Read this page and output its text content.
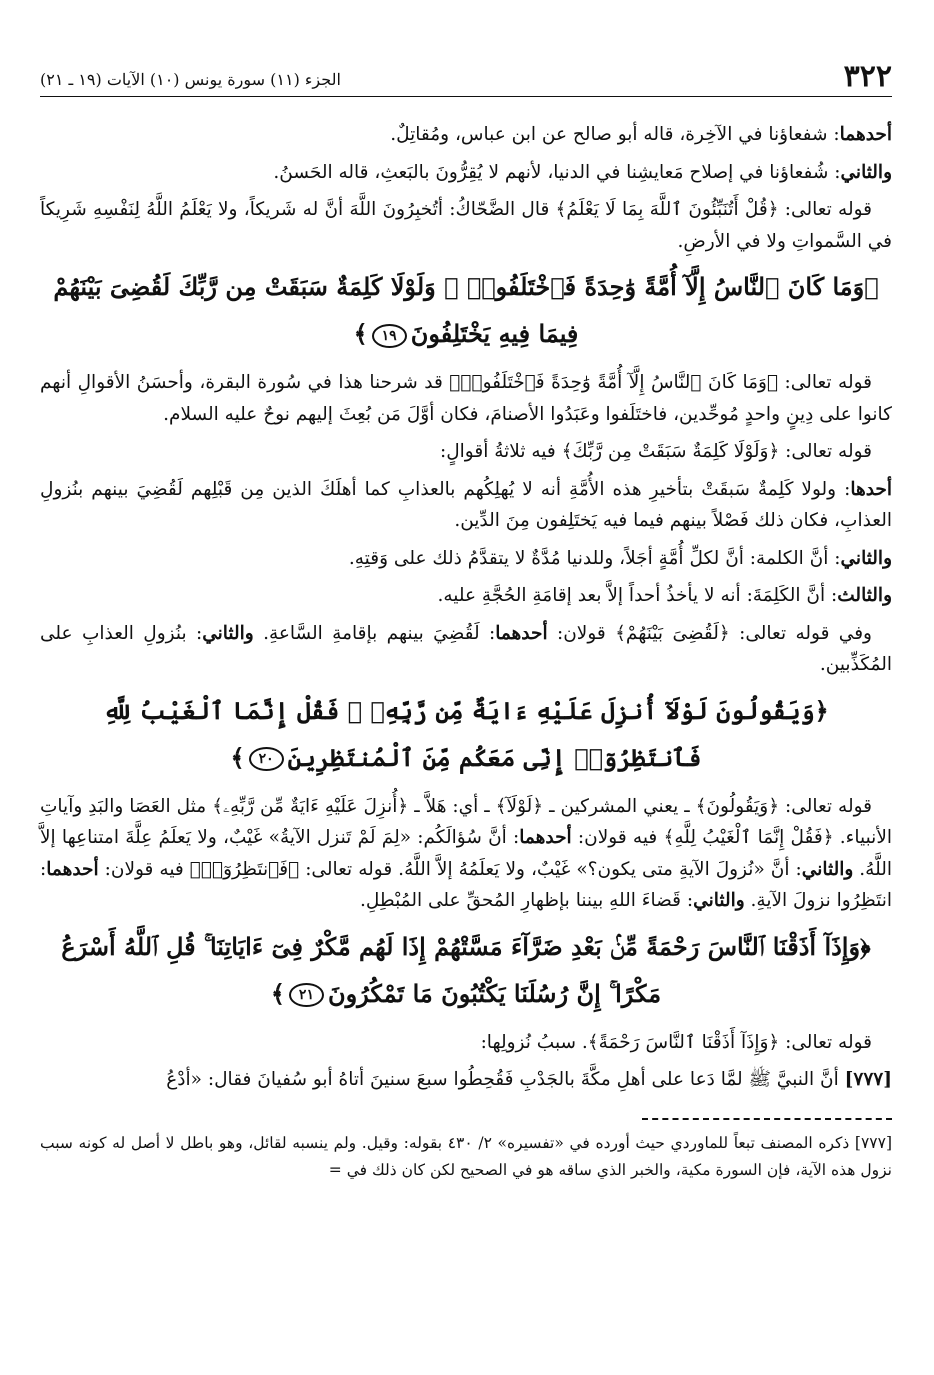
٣٢٢
الجزء (١١) سورة يونس (١٠) الآيات (١٩ ـ ٢١)

أحدهما: شفعاؤنا في الآخِرة، قاله أبو صالح عن ابن عباس، ومُقاتِلٌ.

والثاني: شُفعاؤنا في إصلاح مَعايشِنا في الدنيا، لأنهم لا يُقِرُّونَ بالبَعثِ، قاله الحَسنُ.

قوله تعالى: ﴿قُلْ أَتُنَبِّئُونَ ٱللَّهَ بِمَا لَا يَعْلَمُ﴾ قال الضَّحّاكُ: أتُخبِرُونَ اللَّهَ أنَّ له شَريكاً، ولا يَعْلَمُ اللَّهُ لِنَفْسِهِ شَرِيكاً في السَّمواتِ ولا في الأرضِ.

﴿وَمَا كَانَ ٱلنَّاسُ إِلَّآ أُمَّةً وَٰحِدَةً فَٱخْتَلَفُوا۟ ۚ وَلَوْلَا كَلِمَةٌ سَبَقَتْ مِن رَّبِّكَ لَقُضِىَ بَيْنَهُمْ فِيمَا فِيهِ يَخْتَلِفُونَ١٩﴾

قوله تعالى: ﴿وَمَا كَانَ ٱلنَّاسُ إِلَّآ أُمَّةً وَٰحِدَةً فَٱخْتَلَفُوا۟﴾ قد شرحنا هذا في سُورة البقرة، وأحسَنُ الأقوالِ أنهم كانوا على دِينٍ واحدٍ مُوحِّدين، فاختَلَفوا وعَبَدُوا الأصنامَ، فكان أوَّلَ مَن بُعِثَ إليهم نوحٌ عليه السلام.

قوله تعالى: ﴿وَلَوْلَا كَلِمَةٌ سَبَقَتْ مِن رَّبِّكَ﴾ فيه ثلاثةُ أقوالٍ:

أحدها: ولولا كَلِمةٌ سَبقَتْ بتأخيرِ هذه الأُمَّةِ أنه لا يُهلِكُهم بالعذابِ كما أهلَكَ الذين مِن قَبْلِهم لَقُضِيَ بينهم بنُزولِ العذابِ، فكان ذلك فَصْلاً بينهم فيما فيه يَختَلِفون مِنَ الدِّين.

والثاني: أنَّ الكلمة: أنَّ لكلِّ أُمَّةٍ أجَلاً، وللدنيا مُدَّةٌ لا يتقدَّمُ ذلك على وَقتِهِ.

والثالث: أنَّ الكَلِمَةَ: أنه لا يأخذُ أحداً إلاَّ بعد إقامَةِ الحُجَّةِ عليه.

وفي قوله تعالى: ﴿لَقُضِىَ بَيْنَهُمْ﴾ قولان: أحدهما: لَقُضِيَ بينهم بإقامةِ السَّاعةِ. والثاني: بنُزولِ العذابِ على المُكَذِّبين.

﴿وَيَقُولُونَ لَوْلَآ أُنزِلَ عَلَيْهِ ءَايَةٌ مِّن رَّبِّهِۦ ۖ فَقُلْ إِنَّمَا ٱلْغَيْبُ لِلَّهِ فَٱنتَظِرُوٓا۟ إِنِّى مَعَكُم مِّنَ ٱلْمُنتَظِرِينَ٢٠﴾

قوله تعالى: ﴿وَيَقُولُونَ﴾ ـ يعني المشركين ـ ﴿لَوْلَآ﴾ ـ أي: هَلاَّ ـ ﴿أُنزِلَ عَلَيْهِ ءَايَةٌ مِّن رَّبِّهِۦ﴾ مثل العَصَا والبَدِ وآياتِ الأنبياء. ﴿فَقُلْ إِنَّمَا ٱلْغَيْبُ لِلَّهِ﴾ فيه قولان: أحدهما: أنَّ سُؤالَكُم: «لِمَ لَمْ تَنزل الآيةُ» غَيْبٌ، ولا يَعلَمُ عِلَّةَ امتناعِها إلاَّ اللَّهُ. والثاني: أنَّ «نُزولَ الآيةِ متى يكون؟» غَيْبٌ، ولا يَعلَمُهُ إلاَّ اللَّهُ. قوله تعالى: ﴿فَٱنتَظِرُوٓا۟﴾ فيه قولان: أحدهما: انتَظِرُوا نزولَ الآيةِ. والثاني: قَضاءَ اللهِ بيننا بإظهارِ المُحقِّ على المُبْطِلِ.

﴿وَإِذَآ أَذَقْنَا ٱلنَّاسَ رَحْمَةً مِّنۢ بَعْدِ ضَرَّآءَ مَسَّتْهُمْ إِذَا لَهُم مَّكْرٌ فِىٓ ءَايَاتِنَا ۚ قُلِ ٱللَّهُ أَسْرَعُ مَكْرًا ۚ إِنَّ رُسُلَنَا يَكْتُبُونَ مَا تَمْكُرُونَ٢١﴾

قوله تعالى: ﴿وَإِذَآ أَذَقْنَا ٱلنَّاسَ رَحْمَةً﴾. سببُ نُزولِها:

[٧٧٧] أنَّ النبيَّ ﷺ لمَّا دَعا على أهلِ مكَّةَ بالجَدْبِ فَقُحِطُوا سبعَ سنينَ أتاهُ أبو سُفيانَ فقال: «أدْعُ

[٧٧٧] ذكره المصنف تبعاً للماوردي حيث أورده في «تفسيره» ٢/ ٤٣٠ بقوله: وقيل. ولم ينسبه لقائل، وهو باطل لا أصل له كونه سبب نزول هذه الآية، فإن السورة مكية، والخبر الذي ساقه هو في الصحيح لكن كان ذلك في =
